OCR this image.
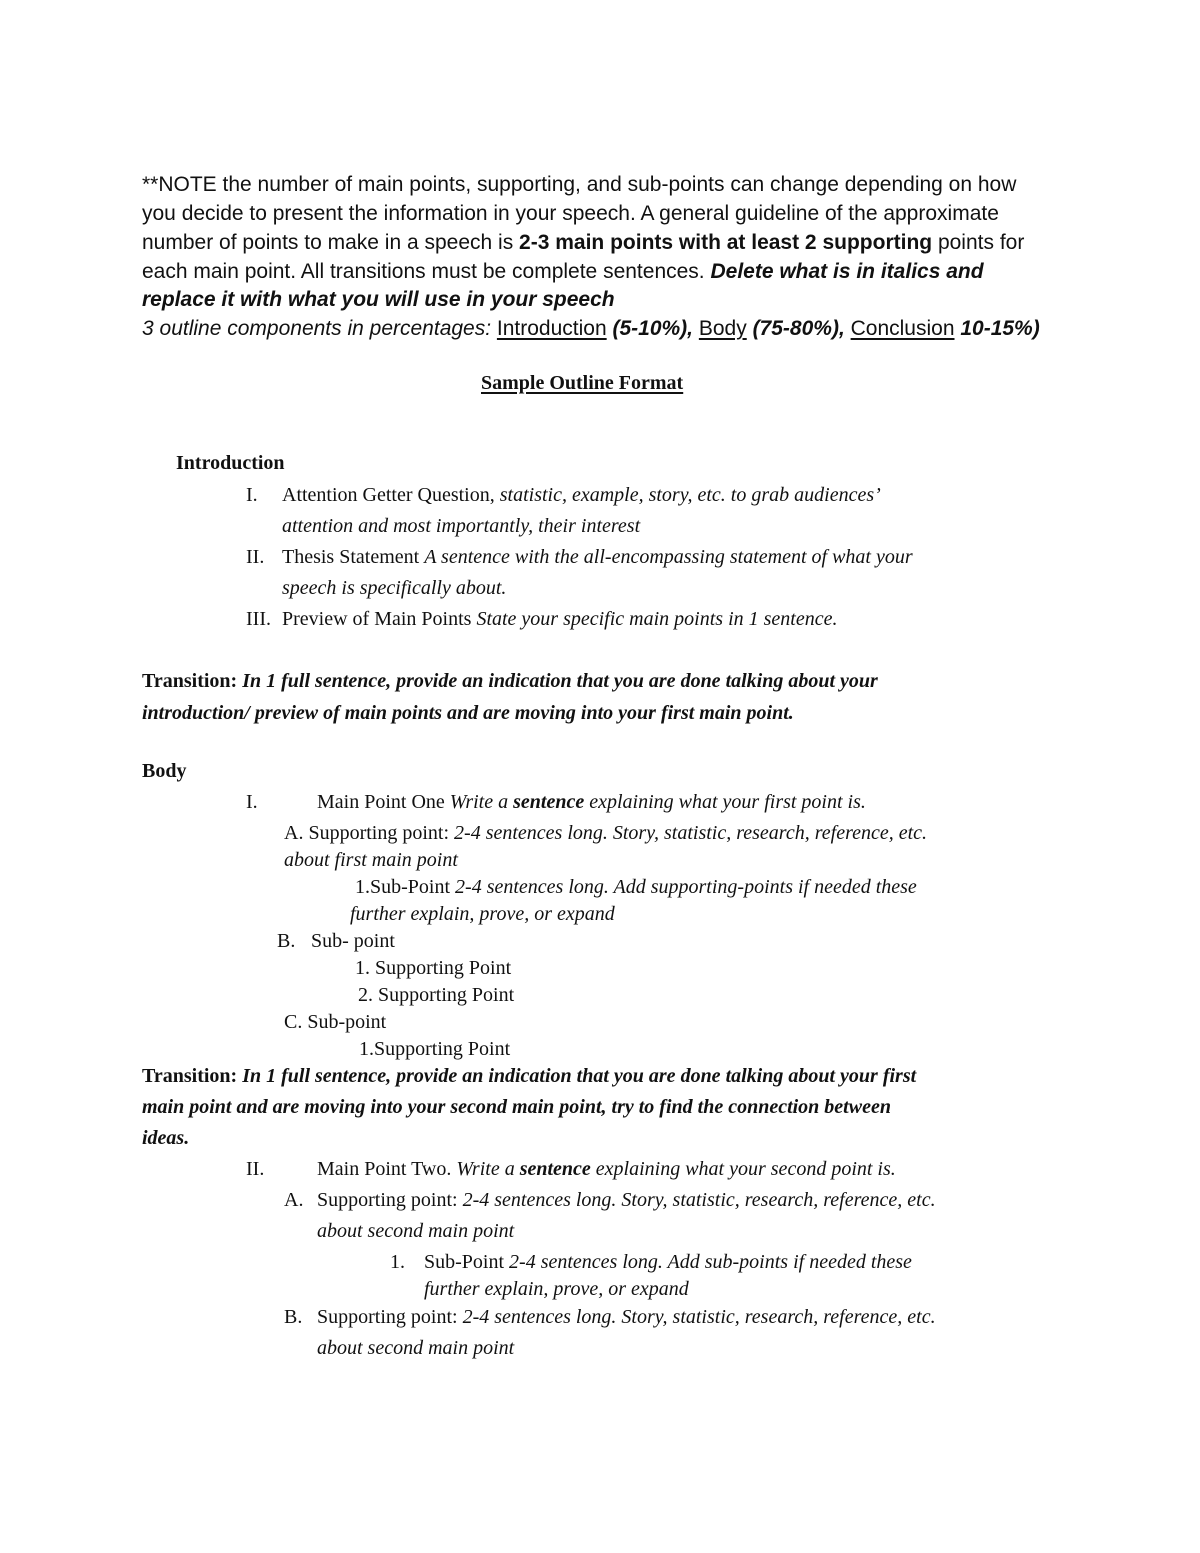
**NOTE the number of main points, supporting, and sub-points can change depending on how
you decide to present the information in your speech. A general guideline of the approximate
number of points to make in a speech is 2-3 main points with at least 2 supporting points for
each main point. All transitions must be complete sentences. Delete what is in italics and
replace it with what you will use in your speech
3 outline components in percentages: Introduction (5-10%), Body (75-80%), Conclusion 10-15%)
Sample Outline Format
Introduction
I. Attention Getter Question, statistic, example, story, etc. to grab audiences’
attention and most importantly, their interest
II. Thesis Statement A sentence with the all-encompassing statement of what your
speech is specifically about.
III. Preview of Main Points State your specific main points in 1 sentence.
Transition: In 1 full sentence, provide an indication that you are done talking about your
introduction/ preview of main points and are moving into your first main point.
Body
I.	Main Point One Write a sentence explaining what your first point is.
A. Supporting point: 2-4 sentences long. Story, statistic, research, reference, etc.
about first main point
1.Sub-Point 2-4 sentences long. Add supporting-points if needed these
further explain, prove, or expand
B. Sub- point
1. Supporting Point
2. Supporting Point
C. Sub-point
1.Supporting Point
Transition: In 1 full sentence, provide an indication that you are done talking about your first
main point and are moving into your second main point, try to find the connection between
ideas.
II.	Main Point Two. Write a sentence explaining what your second point is.
A. Supporting point: 2-4 sentences long. Story, statistic, research, reference, etc.
about second main point
1. Sub-Point 2-4 sentences long. Add sub-points if needed these
further explain, prove, or expand
B. Supporting point: 2-4 sentences long. Story, statistic, research, reference, etc.
about second main point
